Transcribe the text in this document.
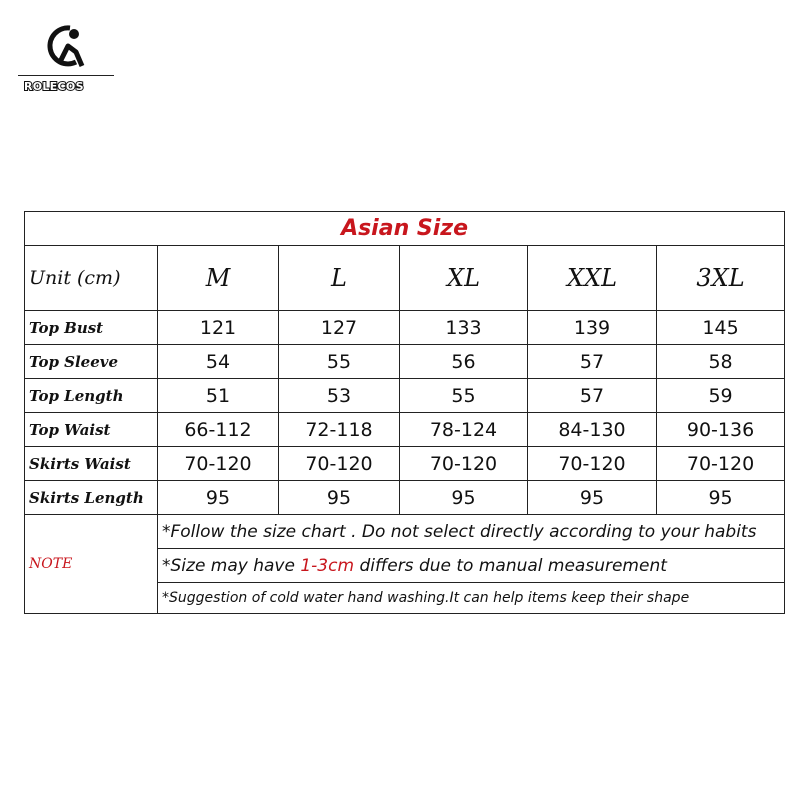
ROLECOS
Asian Size					
Unit (cm)	M	L	XL	XXL	3XL
Top Bust	121	127	133	139	145
Top Sleeve	54	55	56	57	58
Top Length	51	53	55	57	59
Top Waist	66-112	72-118	78-124	84-130	90-136
Skirts Waist	70-120	70-120	70-120	70-120	70-120
Skirts Length	95	95	95	95	95
NOTE	*Follow the size chart . Do not select directly according to your habits				
	*Size may have 1-3cm differs due to manual measurement				
	*Suggestion of cold water hand washing.It can help items keep their shape				
